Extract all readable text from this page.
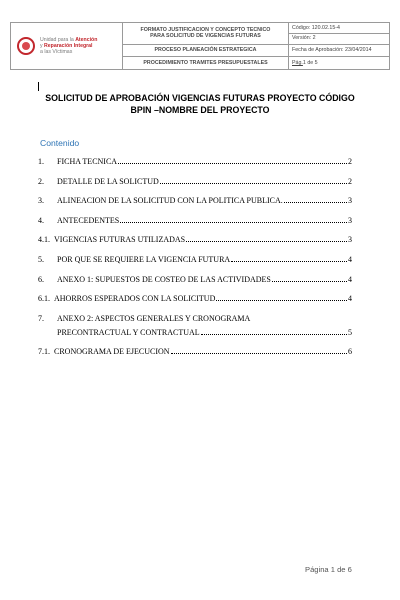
Unidad para la Atención
y Reparación Integral
a las Víctimas
FORMATO JUSTIFICACION Y CONCEPTO TECNICO
PARA SOLICITUD DE VIGENCIAS FUTURAS
PROCESO PLANEACIÓN ESTRATEGICA
PROCEDIMIENTO TRAMITES PRESUPUESTALES
Código: 120.02.15-4
Versión: 2
Fecha de Aprobación: 23/04/2014
Pág. 1 de 5
SOLICITUD DE APROBACIÓN VIGENCIAS FUTURAS PROYECTO CÓDIGO
BPIN –NOMBRE DEL PROYECTO
Contenido
1.	FICHA TECNICA	2
2.	DETALLE DE LA SOLICTUD	2
3.	ALINEACION DE LA SOLICITUD CON LA POLITICA PUBLICA.	3
4.	ANTECEDENTES	3
4.1. VIGENCIAS FUTURAS UTILIZADAS	3
5.	POR QUE SE REQUIERE LA VIGENCIA FUTURA	4
6.	ANEXO 1: SUPUESTOS DE COSTEO DE LAS ACTIVIDADES	4
6.1. AHORROS ESPERADOS CON LA SOLICITUD	4
7.	ANEXO 2: ASPECTOS GENERALES Y CRONOGRAMA
PRECONTRACTUAL Y CONTRACTUAL	5
7.1. CRONOGRAMA DE EJECUCION	6
Página 1 de 6
